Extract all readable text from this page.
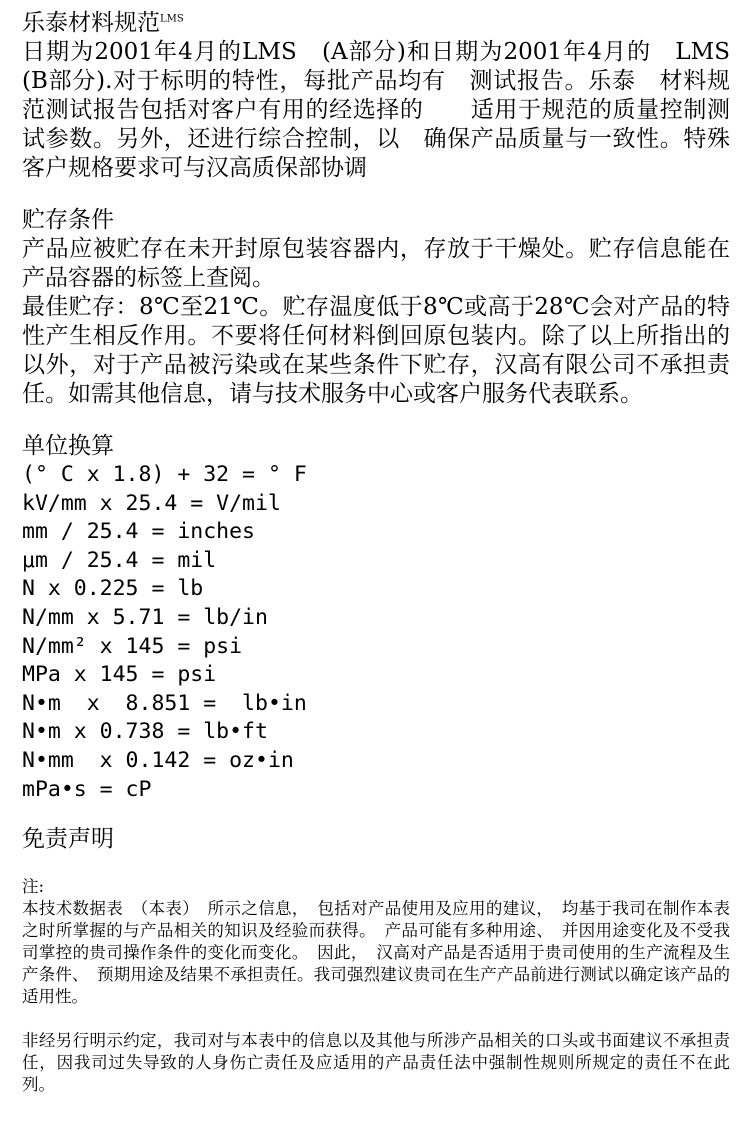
乐泰材料规范$^{LMS}$

日期为2001年4月的LMS　(A部分)和日期为2001年4月的　LMS (B部分).对于标明的特性，每批产品均有　测试报告。乐泰　材料规范测试报告包括对客户有用的经选择的　　适用于规范的质量控制测试参数。另外，还进行综合控制，以　确保产品质量与一致性。特殊客户规格要求可与汉高质保部协调

贮存条件

产品应被贮存在未开封原包装容器内，存放于干燥处。贮存信息能在产品容器的标签上查阅。

最佳贮存：8℃至21℃。贮存温度低于8℃或高于28℃会对产品的特性产生相反作用。不要将任何材料倒回原包装内。除了以上所指出的以外，对于产品被污染或在某些条件下贮存，汉高有限公司不承担责任。如需其他信息，请与技术服务中心或客户服务代表联系。

单位换算
(° C x 1.8) + 32 = ° F
kV/mm x 25.4 = V/mil
mm / 25.4 = inches
μm / 25.4 = mil
N x 0.225 = lb
N/mm x 5.71 = lb/in
N/mm² x 145 = psi
MPa x 145 = psi
N•m  x  8.851 =  lb•in
N•m x 0.738 = lb•ft
N•mm  x 0.142 = oz•in
mPa•s = cP
免责声明

注:

本技术数据表　（本表）　所示之信息，　包括对产品使用及应用的建议，　均基于我司在制作本表之时所掌握的与产品相关的知识及经验而获得。　产品可能有多种用途、　并因用途变化及不受我司掌控的贵司操作条件的变化而变化。　因此，　汉高对产品是否适用于贵司使用的生产流程及生产条件、　预期用途及结果不承担责任。我司强烈建议贵司在生产产品前进行测试以确定该产品的适用性。

非经另行明示约定，我司对与本表中的信息以及其他与所涉产品相关的口头或书面建议不承担责任，因我司过失导致的人身伤亡责任及应适用的产品责任法中强制性规则所规定的责任不在此列。
